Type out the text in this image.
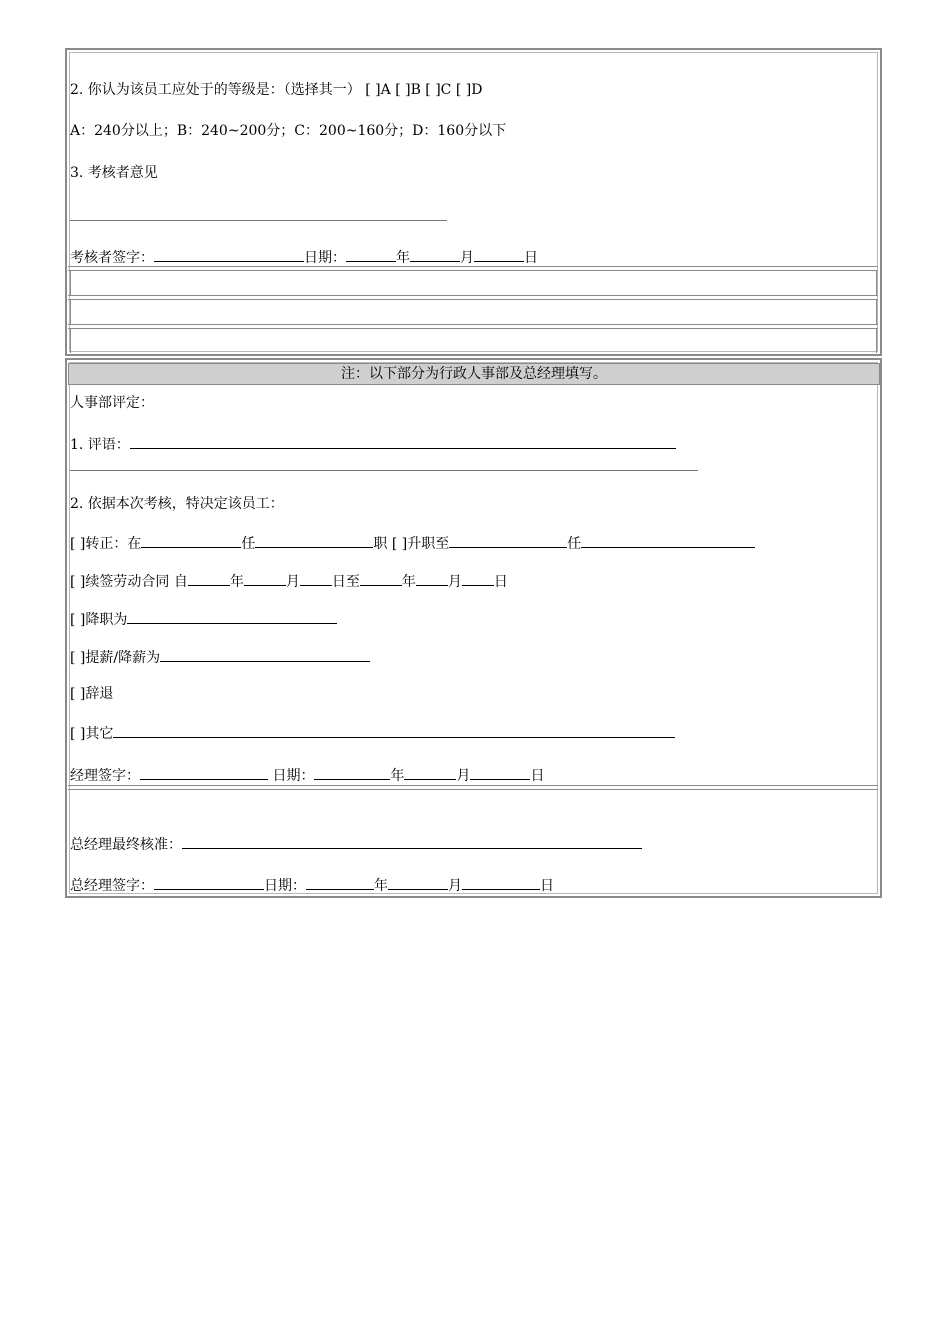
2. 你认为该员工应处于的等级是：（选择其一） [ ]A [ ]B [ ]C [ ]D
A：240分以上；B：240~200分；C：200~160分；D：160分以下
3. 考核者意见
考核者签字：	日期：	年	月	日
注：以下部分为行政人事部及总经理填写。
人事部评定：
1. 评语：
2. 依据本次考核，特决定该员工：
[ ]转正：在	任	职 [ ]升职至	任
[ ]续签劳动合同 自	年	月 日至	年 月 日
[ ]降职为
[ ]提薪/降薪为
[ ]辞退
[ ]其它
经理签字：	日期：	年	月	日
总经理最终核准：
总经理签字：	日期：	年	月	日
